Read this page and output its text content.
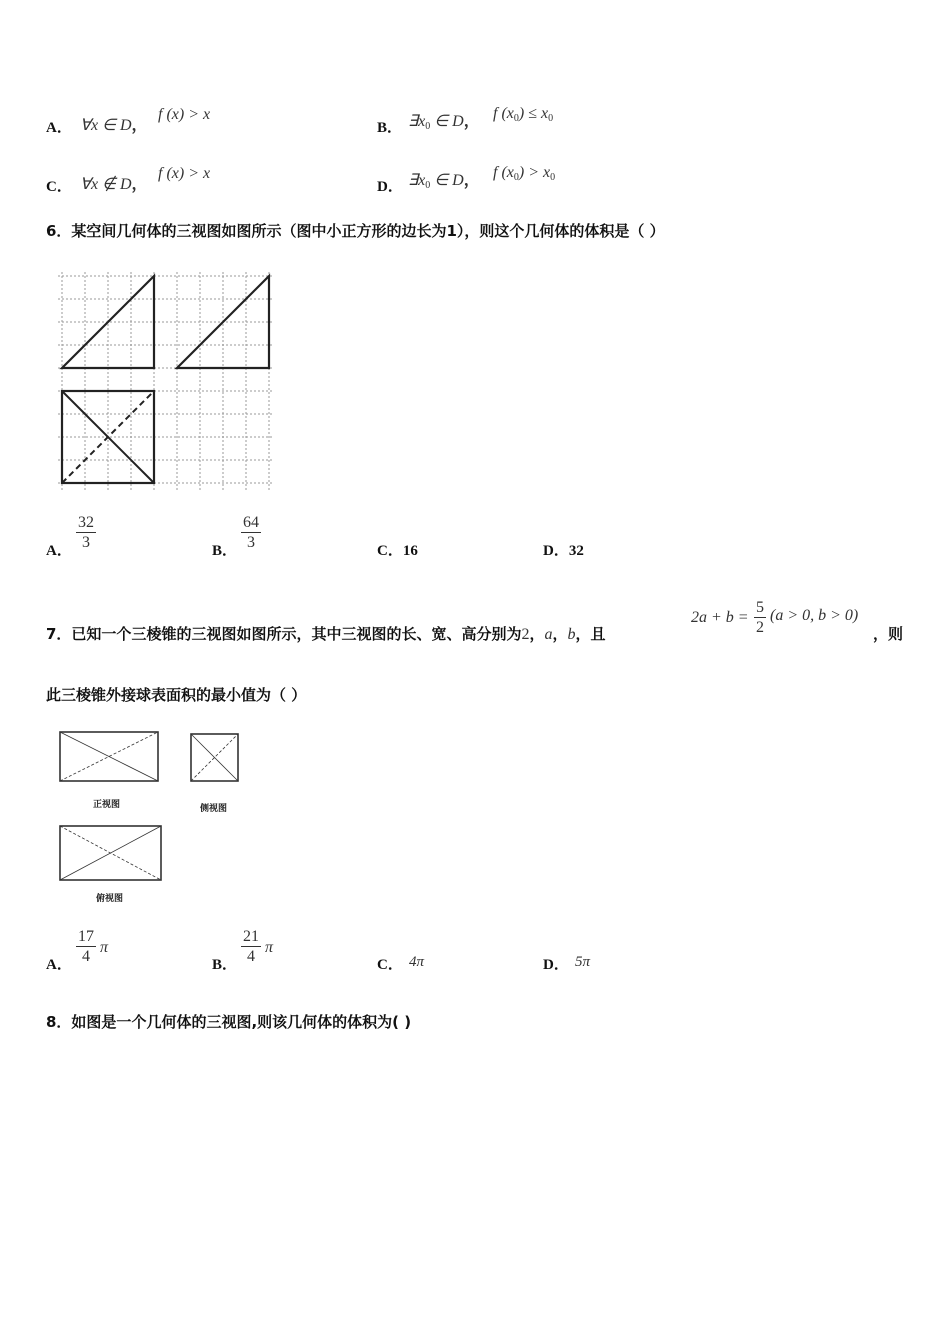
A． ∀x ∈ D，
f (x) > x
B． $\exists x_0$ ∈ D， f $(x_0) \le x_0$
C． ∀x ∉ D，
f (x) > x
D． $\exists x_0$ ∈ D， f $(x_0) > x_0$
6．某空间几何体的三视图如图所示（图中小正方形的边长为1），则这个几何体的体积是（ ）
A． $\frac{32}{3}$	B． $\frac{64}{3}$	C．16	D．32
7．已知一个三棱锥的三视图如图所示，其中三视图的长、宽、高分别为2，a，b，且
$2a + b = \frac{5}{2} (a > 0$, b > 0)
，则
此三棱锥外接球表面积的最小值为（ ）
正视图	侧视图
俯视图
A． $\frac{17}{4}$ π
B． $\frac{21}{4}$ π
C． 4π	D． 5π
8．如图是一个几何体的三视图,则该几何体的体积为( )
